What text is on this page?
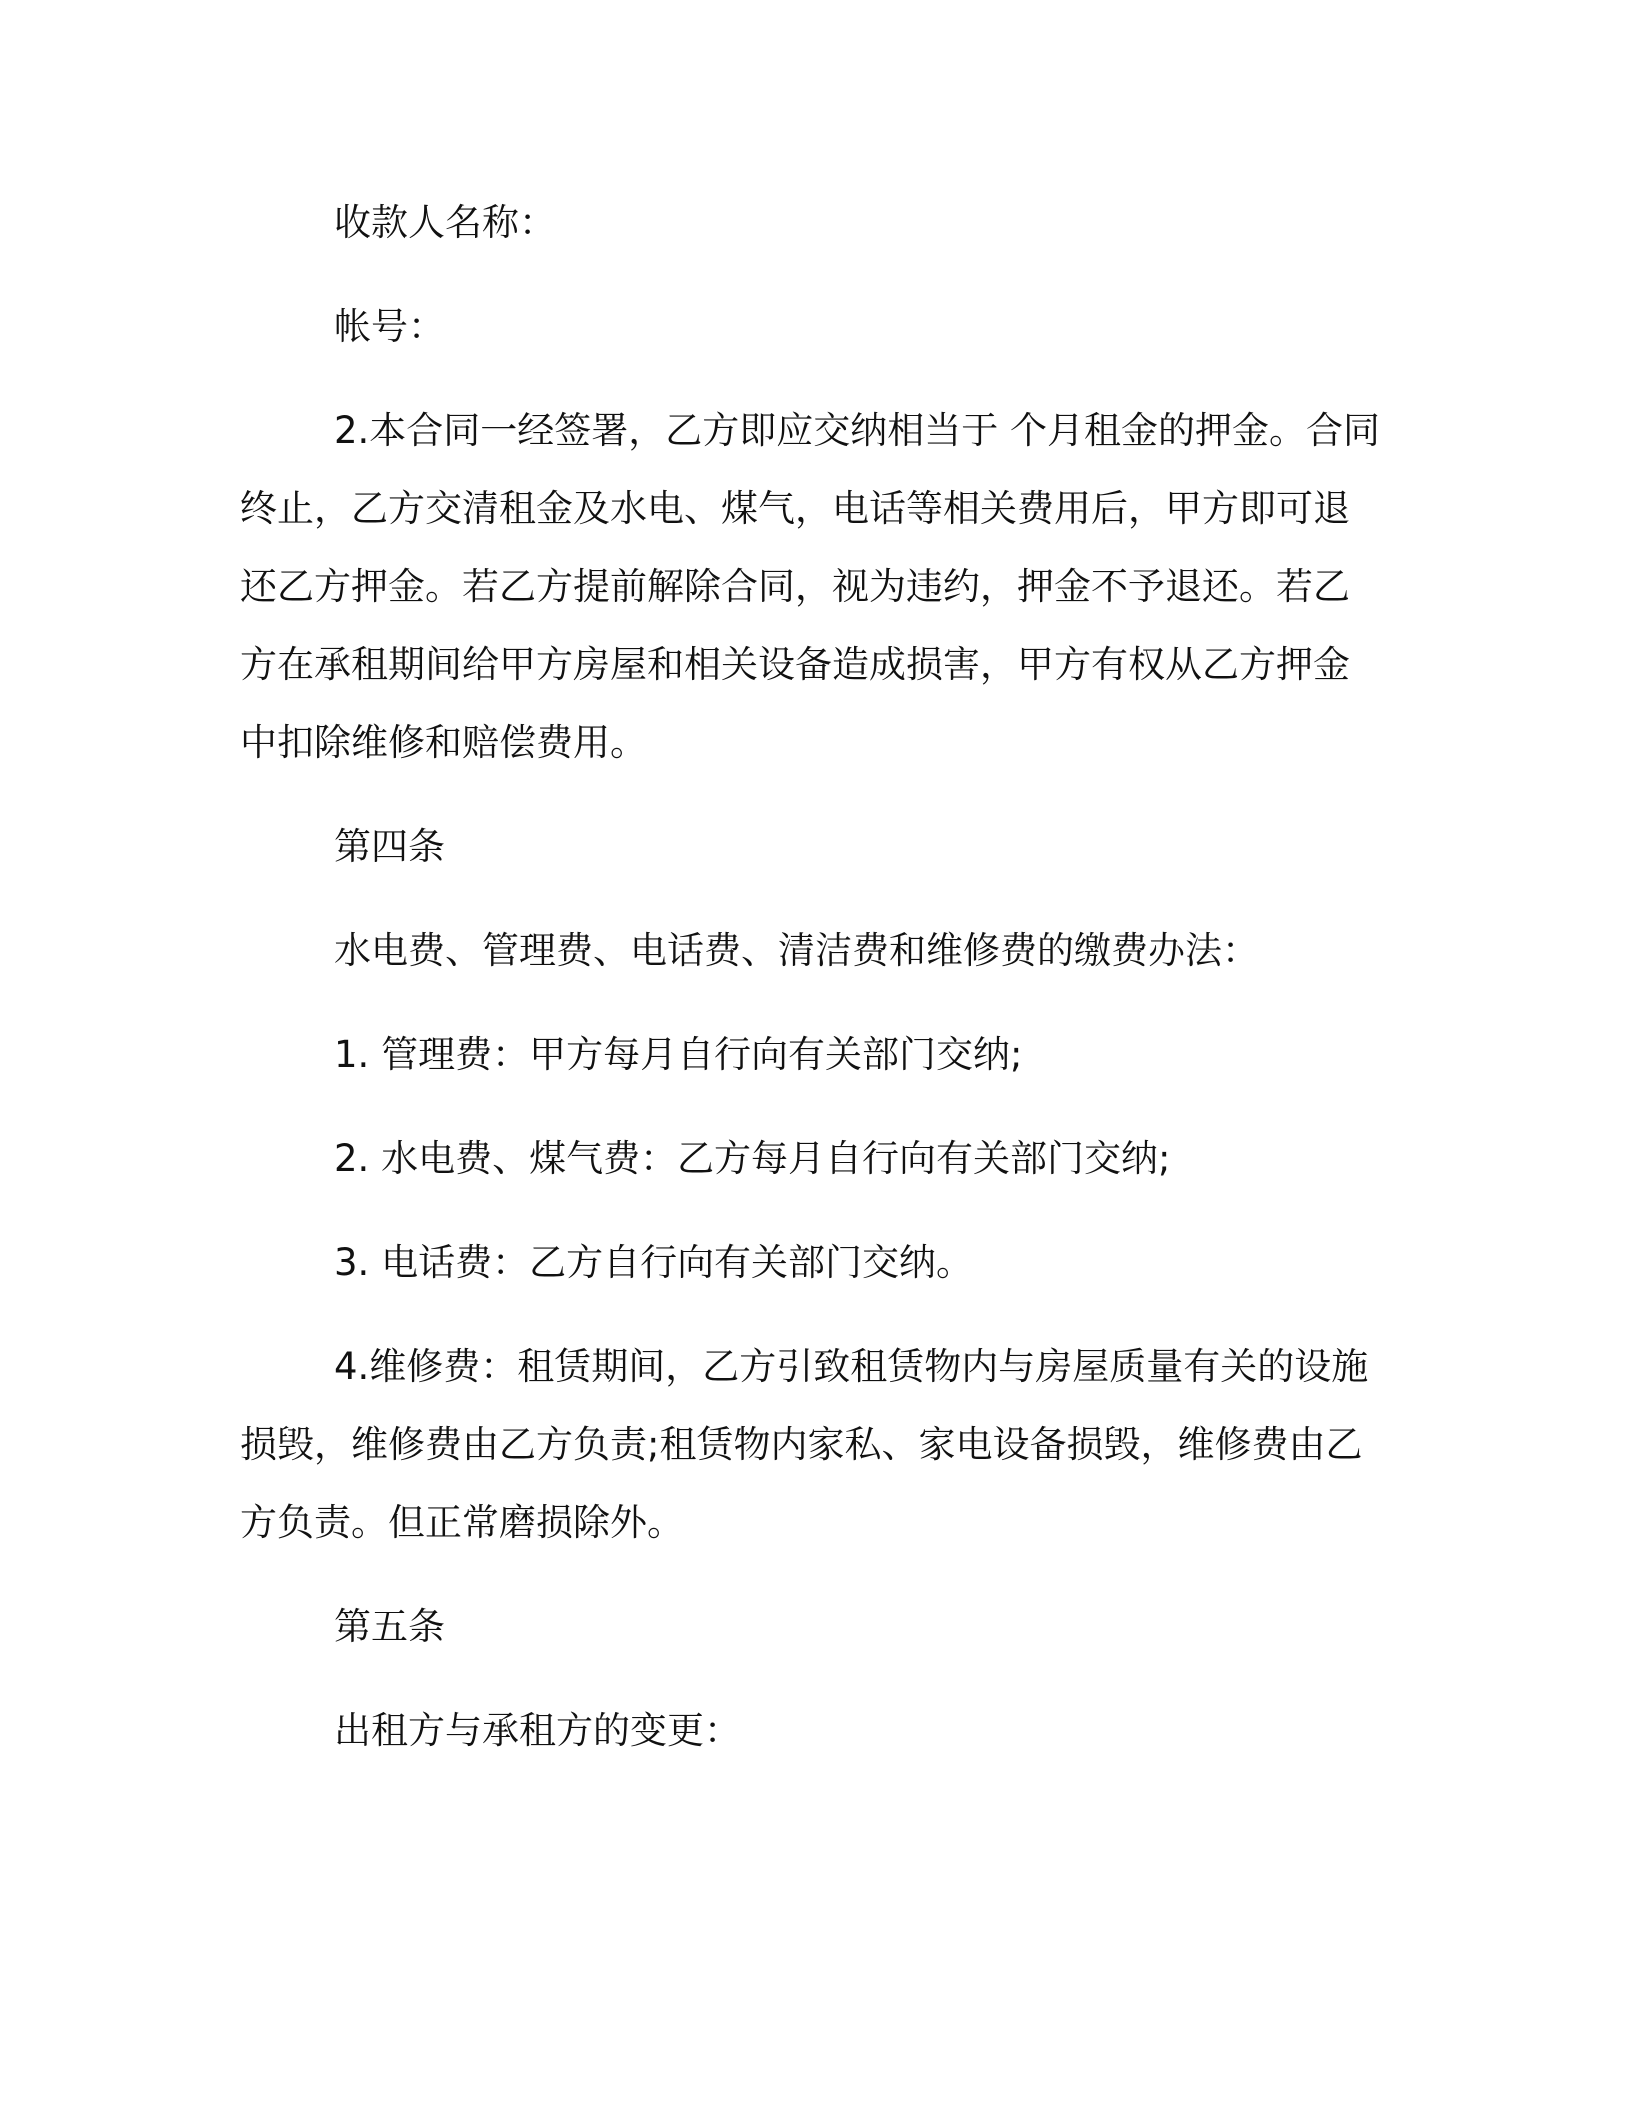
收款人名称：

帐号：

2.本合同一经签署，乙方即应交纳相当于 个月租金的押金。合同终止，乙方交清租金及水电、煤气，电话等相关费用后，甲方即可退还乙方押金。若乙方提前解除合同，视为违约，押金不予退还。若乙方在承租期间给甲方房屋和相关设备造成损害，甲方有权从乙方押金中扣除维修和赔偿费用。

第四条

水电费、管理费、电话费、清洁费和维修费的缴费办法：

1. 管理费：甲方每月自行向有关部门交纳;

2. 水电费、煤气费：乙方每月自行向有关部门交纳;

3. 电话费：乙方自行向有关部门交纳。

4.维修费：租赁期间，乙方引致租赁物内与房屋质量有关的设施损毁，维修费由乙方负责;租赁物内家私、家电设备损毁，维修费由乙方负责。但正常磨损除外。

第五条

出租方与承租方的变更：
